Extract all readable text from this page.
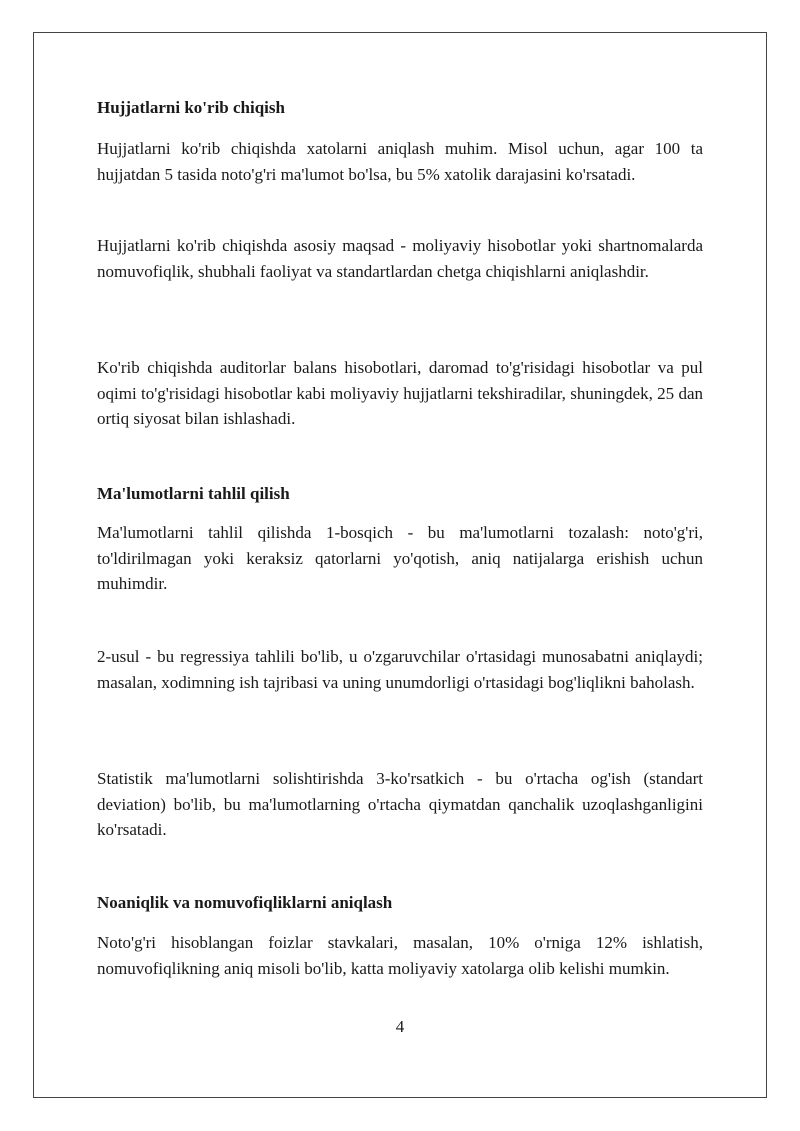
Hujjatlarni ko'rib chiqish

Hujjatlarni ko'rib chiqishda xatolarni aniqlash muhim. Misol uchun, agar 100 ta hujjatdan 5 tasida noto'g'ri ma'lumot bo'lsa, bu 5% xatolik darajasini ko'rsatadi.

Hujjatlarni ko'rib chiqishda asosiy maqsad - moliyaviy hisobotlar yoki shartnomalarda nomuvofiqlik, shubhali faoliyat va standartlardan chetga chiqishlarni aniqlashdir.

Ko'rib chiqishda auditorlar balans hisobotlari, daromad to'g'risidagi hisobotlar va pul oqimi to'g'risidagi hisobotlar kabi moliyaviy hujjatlarni tekshiradilar, shuningdek, 25 dan ortiq siyosat bilan ishlashadi.

Ma'lumotlarni tahlil qilish

Ma'lumotlarni tahlil qilishda 1-bosqich - bu ma'lumotlarni tozalash: noto'g'ri, to'ldirilmagan yoki keraksiz qatorlarni yo'qotish, aniq natijalarga erishish uchun muhimdir.

2-usul - bu regressiya tahlili bo'lib, u o'zgaruvchilar o'rtasidagi munosabatni aniqlaydi; masalan, xodimning ish tajribasi va uning unumdorligi o'rtasidagi bog'liqlikni baholash.

Statistik ma'lumotlarni solishtirishda 3-ko'rsatkich - bu o'rtacha og'ish (standart deviation) bo'lib, bu ma'lumotlarning o'rtacha qiymatdan qanchalik uzoqlashganligini ko'rsatadi.

Noaniqlik va nomuvofiqliklarni aniqlash

Noto'g'ri hisoblangan foizlar stavkalari, masalan, 10% o'rniga 12% ishlatish, nomuvofiqlikning aniq misoli bo'lib, katta moliyaviy xatolarga olib kelishi mumkin.

4
